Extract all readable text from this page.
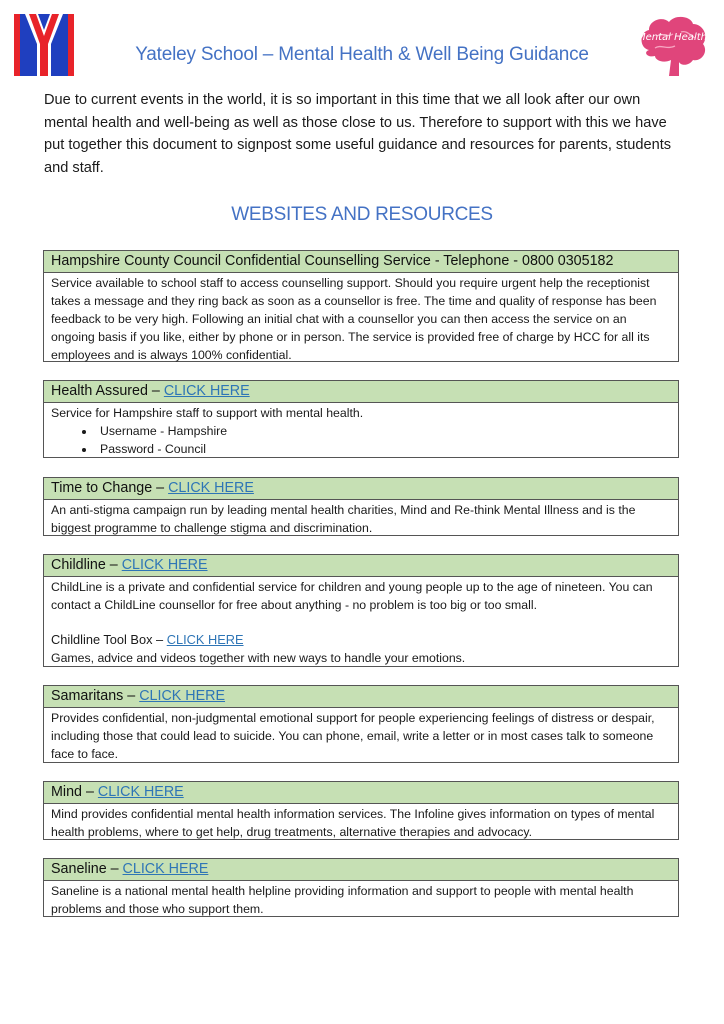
Yateley School – Mental Health & Well Being Guidance
Mental Health

Due to current events in the world, it is so important in this time that we all look after our own mental health and well-being as well as those close to us. Therefore to support with this we have put together this document to signpost some useful guidance and resources for parents, students and staff.

WEBSITES AND RESOURCES
Hampshire County Council Confidential Counselling Service - Telephone - 0800 0305182

Service available to school staff to access counselling support. Should you require urgent help the receptionist takes a message and they ring back as soon as a counsellor is free. The time and quality of response has been feedback to be very high. Following an initial chat with a counsellor you can then access the service on an ongoing basis if you like, either by phone or in person. The service is provided free of charge by HCC for all its employees and is always 100% confidential.

Health Assured – CLICK HERE

Service for Hampshire staff to support with mental health.

• Username - Hampshire
• Password - Council
Time to Change – CLICK HERE

An anti-stigma campaign run by leading mental health charities, Mind and Re-think Mental Illness and is the biggest programme to challenge stigma and discrimination.

Childline – CLICK HERE

ChildLine is a private and confidential service for children and young people up to the age of nineteen. You can contact a ChildLine counsellor for free about anything - no problem is too big or too small.

Childline Tool Box – CLICK HERE

Games, advice and videos together with new ways to handle your emotions.

Samaritans – CLICK HERE

Provides confidential, non-judgmental emotional support for people experiencing feelings of distress or despair, including those that could lead to suicide. You can phone, email, write a letter or in most cases talk to someone face to face.

Mind – CLICK HERE

Mind provides confidential mental health information services. The Infoline gives information on types of mental health problems, where to get help, drug treatments, alternative therapies and advocacy.

Saneline – CLICK HERE

Saneline is a national mental health helpline providing information and support to people with mental health problems and those who support them.
